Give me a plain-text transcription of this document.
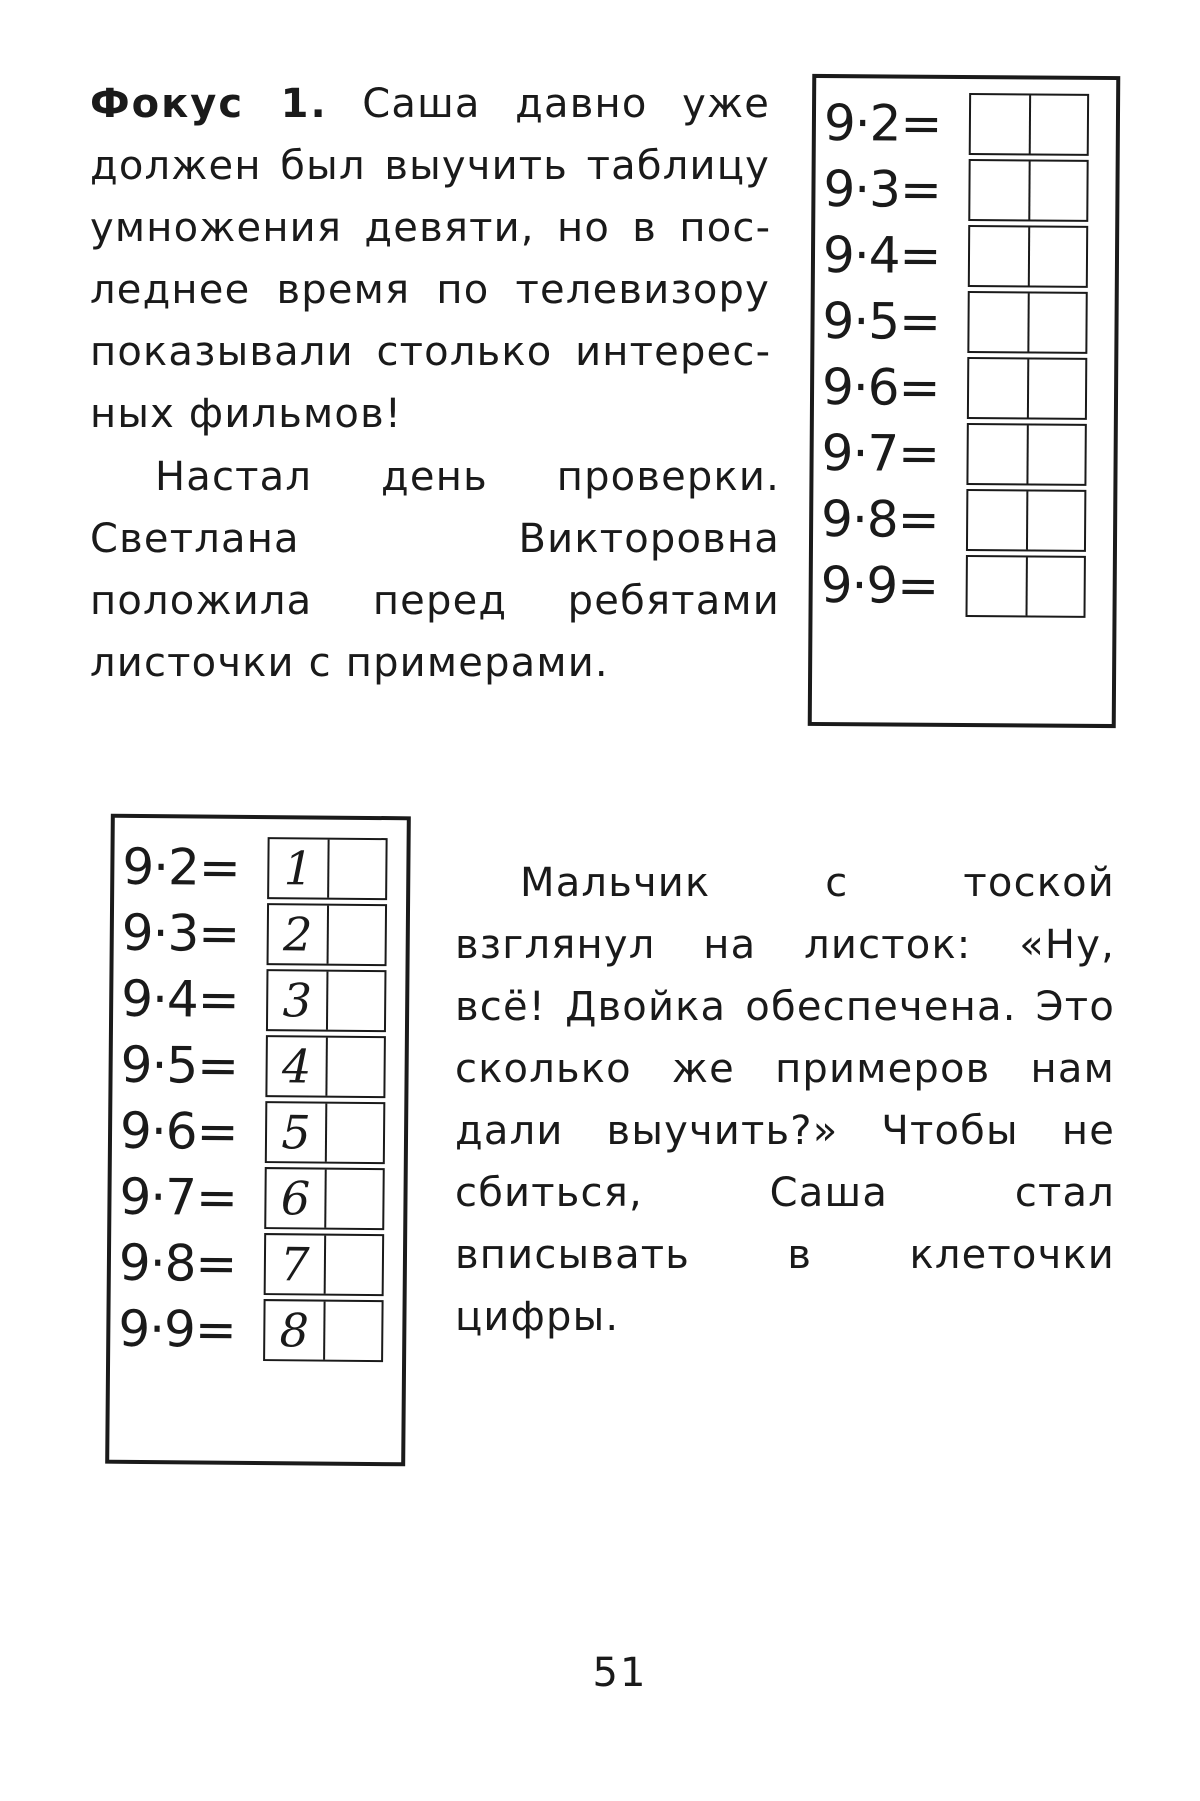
Фокус 1. Саша давно уже должен был выучить таблицу умножения девяти, но в последнее время по телевизору показывали столько интересных фильмов!

Настал день проверки. Светлана Викторовна положила перед ребятами листочки с примерами.

9·2=
9·3=
9·4=
9·5=
9·6=
9·7=
9·8=
9·9=
9·2= 1
9·3= 2
9·4= 3
9·5= 4
9·6= 5
9·7= 6
9·8= 7
9·9= 8

Мальчик с тоской взглянул на листок: «Ну, всё! Двойка обеспечена. Это сколько же примеров нам дали выучить?» Чтобы не сбиться, Саша стал вписывать в клеточки цифры.

51
